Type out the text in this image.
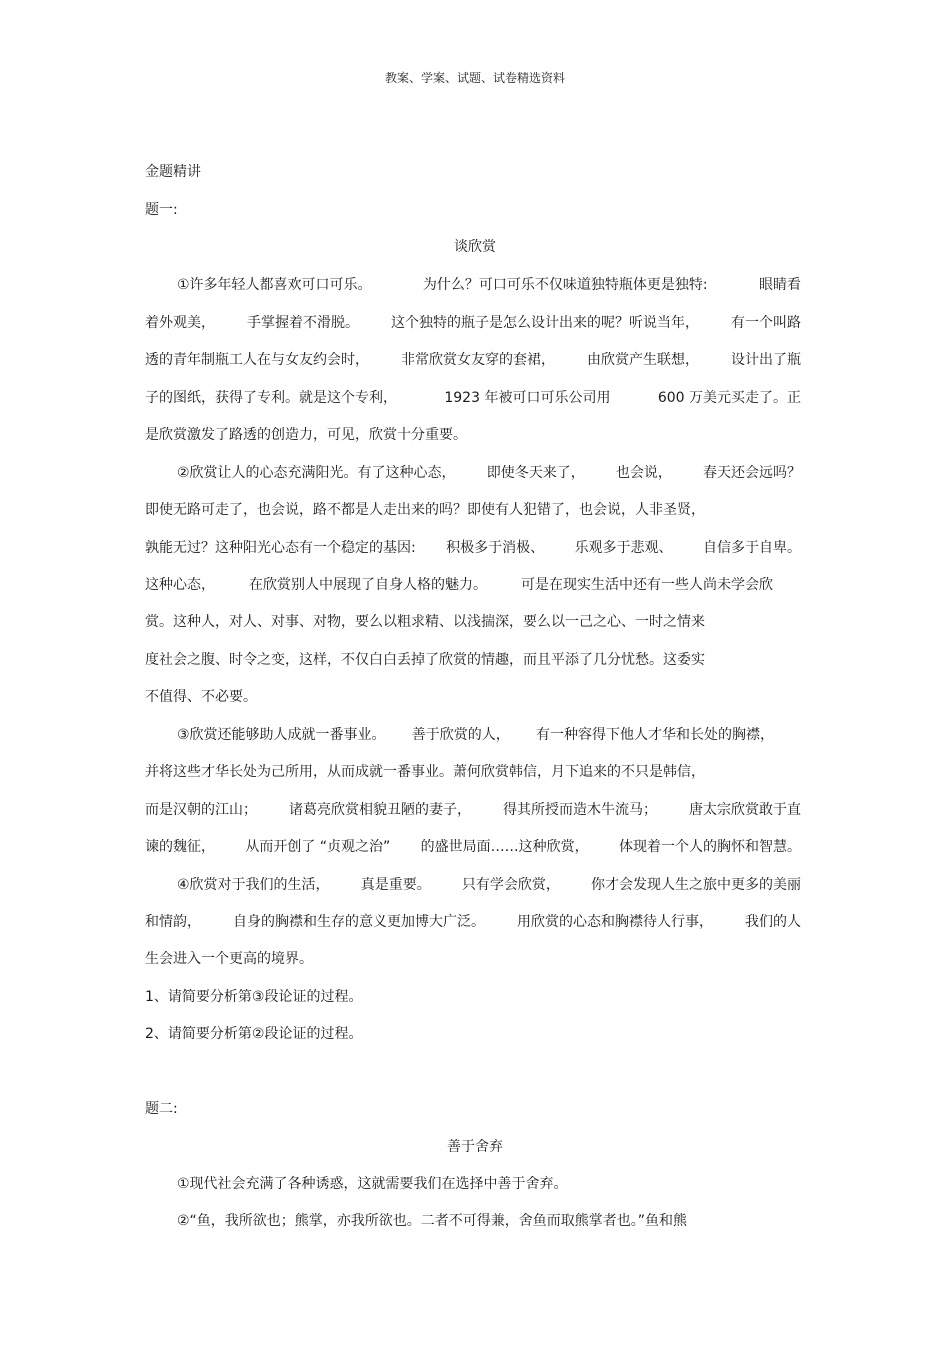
教案、学案、试题、试卷精选资料
金题精讲
题一:
谈欣赏
①许多年轻人都喜欢可口可乐。	为什么？可口可乐不仅味道独特瓶体更是独特:	眼睛看
着外观美， 手掌握着不滑脱。 这个独特的瓶子是怎么设计出来的呢？听说当年， 有一个叫路
透的青年制瓶工人在与女友约会时， 非常欣赏女友穿的套裙， 由欣赏产生联想， 设计出了瓶
子的图纸，获得了专利。就是这个专利，	1923 年被可口可乐公司用	600 万美元买走了。正
是欣赏激发了路透的创造力，可见，欣赏十分重要。
②欣赏让人的心态充满阳光。有了这种心态， 即使冬天来了， 也会说， 春天还会远吗？
即使无路可走了，也会说，路不都是人走出来的吗？即使有人犯错了，也会说，人非圣贤，
孰能无过？这种阳光心态有一个稳定的基因: 积极多于消极、 乐观多于悲观、 自信多于自卑。
这种心态， 在欣赏别人中展现了自身人格的魅力。 可是在现实生活中还有一些人尚未学会欣
赏。这种人，对人、对事、对物，要么以粗求精、以浅揣深，要么以一己之心、一时之情来
度社会之腹、时令之变，这样，不仅白白丢掉了欣赏的情趣，而且平添了几分忧愁。这委实
不值得、不必要。
③欣赏还能够助人成就一番事业。 善于欣赏的人， 有一种容得下他人才华和长处的胸襟，
并将这些才华长处为己所用，从而成就一番事业。萧何欣赏韩信，月下追来的不只是韩信，
而是汉朝的江山； 诸葛亮欣赏相貌丑陋的妻子， 得其所授而造木牛流马； 唐太宗欣赏敢于直
谏的魏征， 从而开创了 “贞观之治” 的盛世局面……这种欣赏， 体现着一个人的胸怀和智慧。
④欣赏对于我们的生活， 真是重要。 只有学会欣赏， 你才会发现人生之旅中更多的美丽
和情韵， 自身的胸襟和生存的意义更加博大广泛。 用欣赏的心态和胸襟待人行事， 我们的人
生会进入一个更高的境界。
1、请简要分析第③段论证的过程。
2、请简要分析第②段论证的过程。
题二:
善于舍弃
①现代社会充满了各种诱惑，这就需要我们在选择中善于舍弃。
②“鱼，我所欲也；熊掌，亦我所欲也。二者不可得兼，舍鱼而取熊掌者也。”鱼和熊
